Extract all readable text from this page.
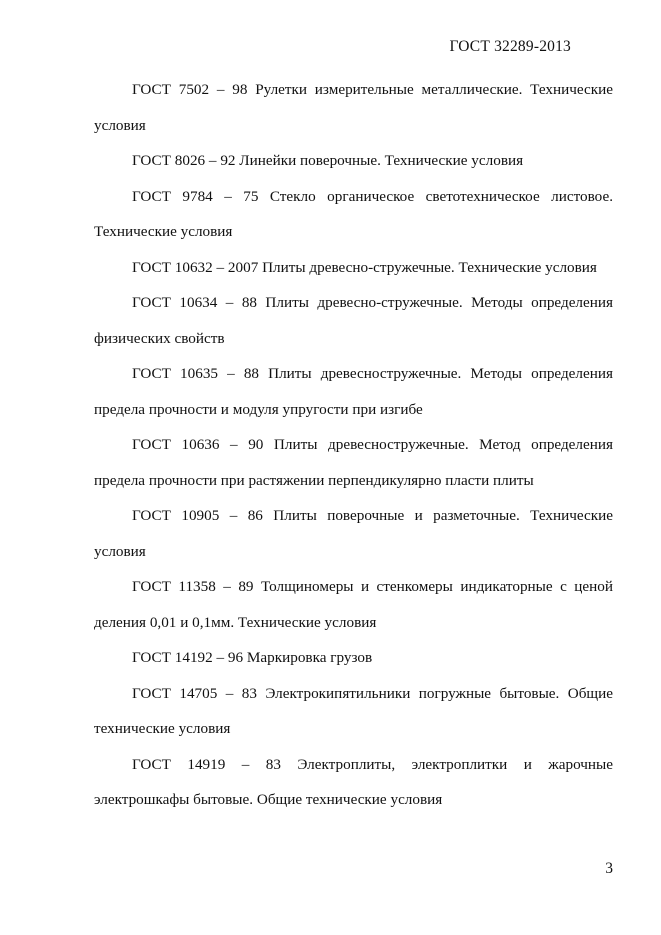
ГОСТ 32289-2013

ГОСТ 7502 – 98 Рулетки измерительные металлические. Технические условия

ГОСТ 8026 – 92 Линейки поверочные. Технические условия

ГОСТ 9784 – 75 Стекло органическое светотехническое листовое. Технические условия

ГОСТ 10632 – 2007 Плиты древесно-стружечные. Технические условия

ГОСТ 10634 – 88 Плиты древесно-стружечные. Методы определения физических свойств

ГОСТ 10635 – 88 Плиты древесностружечные. Методы определения предела прочности и модуля упругости при изгибе

ГОСТ 10636 – 90 Плиты древесностружечные. Метод определения предела прочности при растяжении перпендикулярно пласти плиты

ГОСТ 10905 – 86 Плиты поверочные и разметочные. Технические условия

ГОСТ 11358 – 89 Толщиномеры и стенкомеры индикаторные с ценой деления 0,01 и 0,1мм. Технические условия

ГОСТ 14192 – 96 Маркировка грузов

ГОСТ 14705 – 83 Электрокипятильники погружные бытовые. Общие технические условия

ГОСТ 14919 – 83 Электроплиты, электроплитки и жарочные электрошкафы бытовые. Общие технические условия

3
